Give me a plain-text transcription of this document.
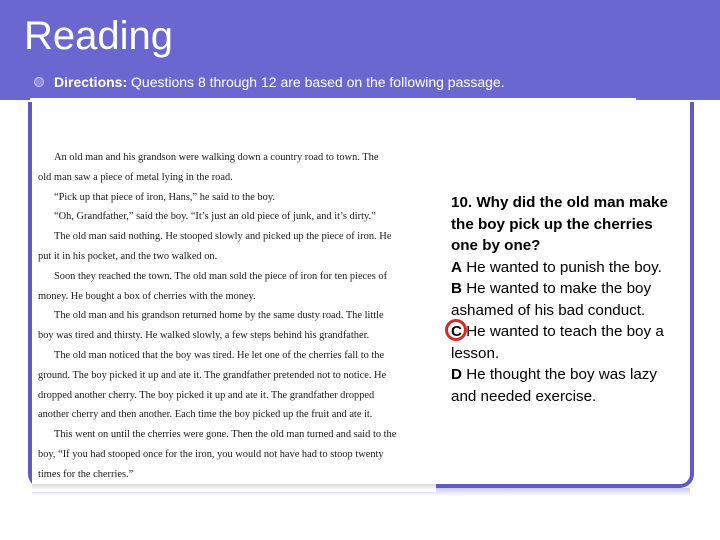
Reading
Directions: Questions 8 through 12 are based on the following passage.

An old man and his grandson were walking down a country road to town. The

old man saw a piece of metal lying in the road.

“Pick up that piece of iron, Hans,” he said to the boy.

“Oh, Grandfather,” said the boy. “It’s just an old piece of junk, and it’s dirty.”

The old man said nothing. He stooped slowly and picked up the piece of iron. He

put it in his pocket, and the two walked on.

Soon they reached the town. The old man sold the piece of iron for ten pieces of

money. He bought a box of cherries with the money.

The old man and his grandson returned home by the same dusty road. The little

boy was tired and thirsty. He walked slowly, a few steps behind his grandfather.

The old man noticed that the boy was tired. He let one of the cherries fall to the

ground. The boy picked it up and ate it. The grandfather pretended not to notice. He

dropped another cherry. The boy picked it up and ate it. The grandfather dropped

another cherry and then another. Each time the boy picked up the fruit and ate it.

This went on until the cherries were gone. Then the old man turned and said to the

boy, “If you had stooped once for the iron, you would not have had to stoop twenty

times for the cherries.”

10. Why did the old man make the boy pick up the cherries one by one?
A He wanted to punish the boy.
B He wanted to make the boy ashamed of his bad conduct.
C He wanted to teach the boy a lesson.
D He thought the boy was lazy and needed exercise.
